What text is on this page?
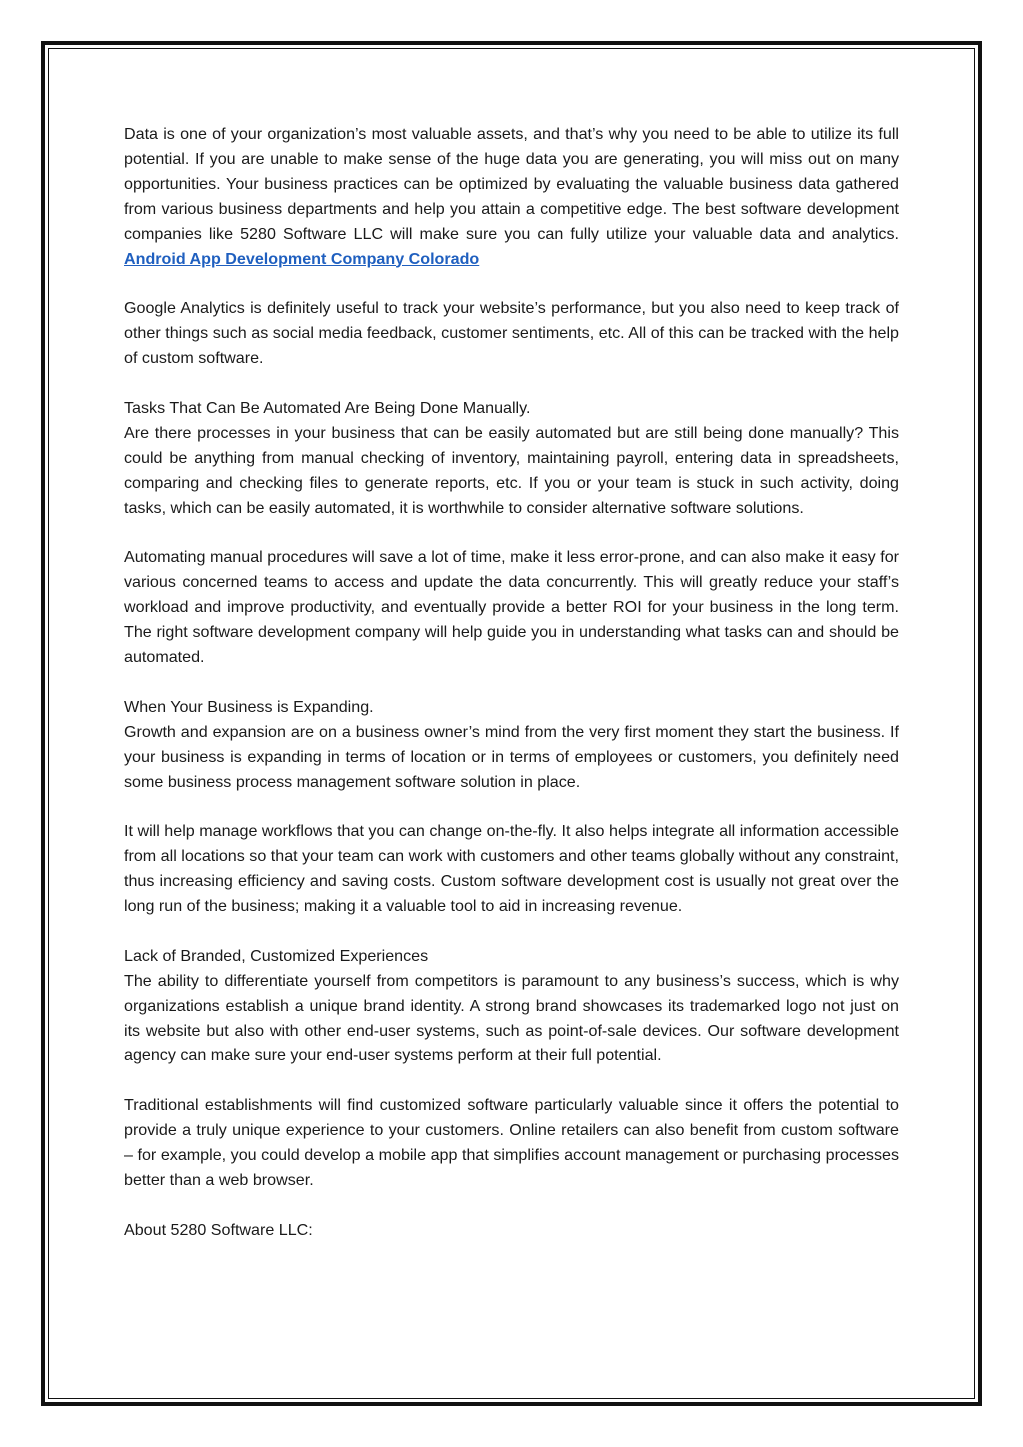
Data is one of your organization’s most valuable assets, and that’s why you need to be able to utilize its full potential. If you are unable to make sense of the huge data you are generating, you will miss out on many opportunities. Your business practices can be optimized by evaluating the valuable business data gathered from various business departments and help you attain a competitive edge. The best software development companies like 5280 Software LLC will make sure you can fully utilize your valuable data and analytics. Android App Development Company Colorado

Google Analytics is definitely useful to track your website’s performance, but you also need to keep track of other things such as social media feedback, customer sentiments, etc. All of this can be tracked with the help of custom software.

Tasks That Can Be Automated Are Being Done Manually.
Are there processes in your business that can be easily automated but are still being done manually? This could be anything from manual checking of inventory, maintaining payroll, entering data in spreadsheets, comparing and checking files to generate reports, etc. If you or your team is stuck in such activity, doing tasks, which can be easily automated, it is worthwhile to consider alternative software solutions.

Automating manual procedures will save a lot of time, make it less error-prone, and can also make it easy for various concerned teams to access and update the data concurrently. This will greatly reduce your staff’s workload and improve productivity, and eventually provide a better ROI for your business in the long term. The right software development company will help guide you in understanding what tasks can and should be automated.

When Your Business is Expanding.
Growth and expansion are on a business owner’s mind from the very first moment they start the business. If your business is expanding in terms of location or in terms of employees or customers, you definitely need some business process management software solution in place.

It will help manage workflows that you can change on-the-fly. It also helps integrate all information accessible from all locations so that your team can work with customers and other teams globally without any constraint, thus increasing efficiency and saving costs. Custom software development cost is usually not great over the long run of the business; making it a valuable tool to aid in increasing revenue.

Lack of Branded, Customized Experiences
The ability to differentiate yourself from competitors is paramount to any business’s success, which is why organizations establish a unique brand identity. A strong brand showcases its trademarked logo not just on its website but also with other end-user systems, such as point-of-sale devices. Our software development agency can make sure your end-user systems perform at their full potential.

Traditional establishments will find customized software particularly valuable since it offers the potential to provide a truly unique experience to your customers. Online retailers can also benefit from custom software – for example, you could develop a mobile app that simplifies account management or purchasing processes better than a web browser.

About 5280 Software LLC:
